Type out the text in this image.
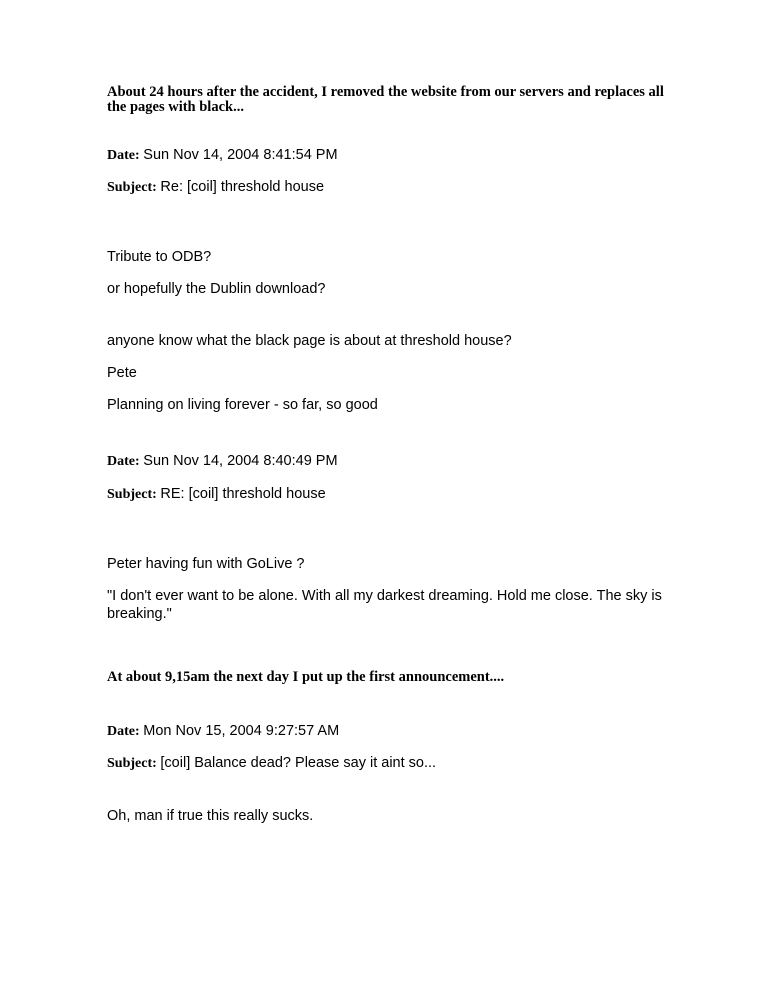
About 24 hours after the accident, I removed the website from our servers and replaces all the pages with black...

Date: Sun Nov 14, 2004 8:41:54 PM

Subject: Re: [coil] threshold house

Tribute to ODB?

or hopefully the Dublin download?

anyone know what the black page is about at threshold house?

Pete

Planning on living forever - so far, so good

Date: Sun Nov 14, 2004 8:40:49 PM

Subject: RE: [coil] threshold house

Peter having fun with GoLive ?

"I don't ever want to be alone. With all my darkest dreaming. Hold me close. The sky is breaking."

At about 9,15am the next day I put up the first announcement....

Date: Mon Nov 15, 2004 9:27:57 AM

Subject: [coil] Balance dead? Please say it aint so...

Oh, man if true this really sucks.
